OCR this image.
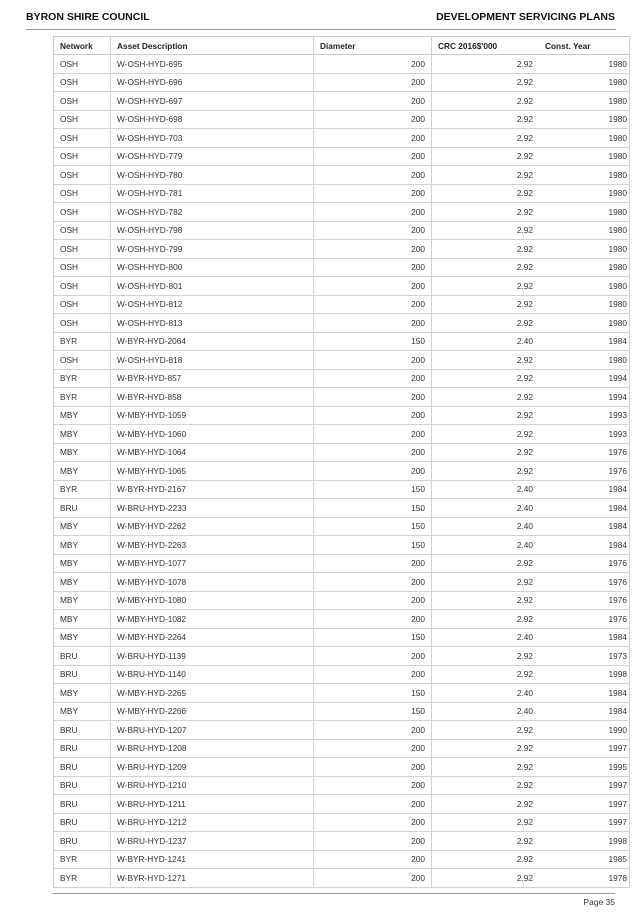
BYRON SHIRE COUNCIL	DEVELOPMENT SERVICING PLANS
Network	Asset Description	Diameter	CRC 2016$'000	Const. Year
OSH	W-OSH-HYD-695	200	2.92	1980
OSH	W-OSH-HYD-696	200	2.92	1980
OSH	W-OSH-HYD-697	200	2.92	1980
OSH	W-OSH-HYD-698	200	2.92	1980
OSH	W-OSH-HYD-703	200	2.92	1980
OSH	W-OSH-HYD-779	200	2.92	1980
OSH	W-OSH-HYD-780	200	2.92	1980
OSH	W-OSH-HYD-781	200	2.92	1980
OSH	W-OSH-HYD-782	200	2.92	1980
OSH	W-OSH-HYD-798	200	2.92	1980
OSH	W-OSH-HYD-799	200	2.92	1980
OSH	W-OSH-HYD-800	200	2.92	1980
OSH	W-OSH-HYD-801	200	2.92	1980
OSH	W-OSH-HYD-812	200	2.92	1980
OSH	W-OSH-HYD-813	200	2.92	1980
BYR	W-BYR-HYD-2064	150	2.40	1984
OSH	W-OSH-HYD-818	200	2.92	1980
BYR	W-BYR-HYD-857	200	2.92	1994
BYR	W-BYR-HYD-858	200	2.92	1994
MBY	W-MBY-HYD-1059	200	2.92	1993
MBY	W-MBY-HYD-1060	200	2.92	1993
MBY	W-MBY-HYD-1064	200	2.92	1976
MBY	W-MBY-HYD-1065	200	2.92	1976
BYR	W-BYR-HYD-2167	150	2.40	1984
BRU	W-BRU-HYD-2233	150	2.40	1984
MBY	W-MBY-HYD-2262	150	2.40	1984
MBY	W-MBY-HYD-2263	150	2.40	1984
MBY	W-MBY-HYD-1077	200	2.92	1976
MBY	W-MBY-HYD-1078	200	2.92	1976
MBY	W-MBY-HYD-1080	200	2.92	1976
MBY	W-MBY-HYD-1082	200	2.92	1976
MBY	W-MBY-HYD-2264	150	2.40	1984
BRU	W-BRU-HYD-1139	200	2.92	1973
BRU	W-BRU-HYD-1140	200	2.92	1998
MBY	W-MBY-HYD-2265	150	2.40	1984
MBY	W-MBY-HYD-2266	150	2.40	1984
BRU	W-BRU-HYD-1207	200	2.92	1990
BRU	W-BRU-HYD-1208	200	2.92	1997
BRU	W-BRU-HYD-1209	200	2.92	1995
BRU	W-BRU-HYD-1210	200	2.92	1997
BRU	W-BRU-HYD-1211	200	2.92	1997
BRU	W-BRU-HYD-1212	200	2.92	1997
BRU	W-BRU-HYD-1237	200	2.92	1998
BYR	W-BYR-HYD-1241	200	2.92	1985
BYR	W-BYR-HYD-1271	200	2.92	1978
Page 35
